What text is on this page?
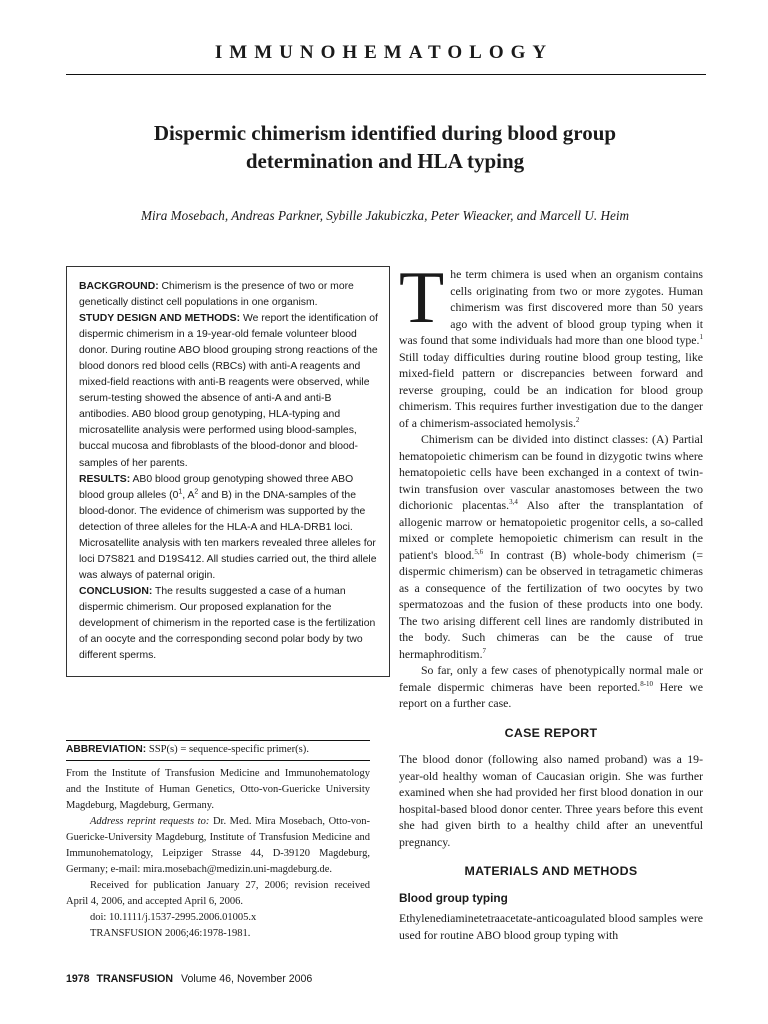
IMMUNOHEMATOLOGY
Dispermic chimerism identified during blood group
determination and HLA typing
Mira Mosebach, Andreas Parkner, Sybille Jakubiczka, Peter Wieacker, and Marcell U. Heim

BACKGROUND: Chimerism is the presence of two or more genetically distinct cell populations in one organism.

STUDY DESIGN AND METHODS: We report the identification of dispermic chimerism in a 19-year-old female volunteer blood donor. During routine ABO blood grouping strong reactions of the blood donors red blood cells (RBCs) with anti-A reagents and mixed-field reactions with anti-B reagents were observed, while serum-testing showed the absence of anti-A and anti-B antibodies. AB0 blood group genotyping, HLA-typing and microsatellite analysis were performed using blood-samples, buccal mucosa and fibroblasts of the blood-donor and blood-samples of her parents.

RESULTS: AB0 blood group genotyping showed three ABO blood group alleles ($0^1$, $A^2$ and B) in the DNA-samples of the blood-donor. The evidence of chimerism was supported by the detection of three alleles for the HLA-A and HLA-DRB1 loci. Microsatellite analysis with ten markers revealed three alleles for loci D7S821 and D19S412. All studies carried out, the third allele was always of paternal origin.

CONCLUSION: The results suggested a case of a human dispermic chimerism. Our proposed explanation for the development of chimerism in the reported case is the fertilization of an oocyte and the corresponding second polar body by two different sperms.

ABBREVIATION: SSP(s) = sequence-specific primer(s).

From the Institute of Transfusion Medicine and Immunohematology and the Institute of Human Genetics, Otto-von-Guericke University Magdeburg, Magdeburg, Germany.

Address reprint requests to: Dr. Med. Mira Mosebach, Otto-von-Guericke-University Magdeburg, Institute of Transfusion Medicine and Immunohematology, Leipziger Strasse 44, D-39120 Magdeburg, Germany; e-mail: mira.mosebach@medizin.uni-magdeburg.de.

Received for publication January 27, 2006; revision received April 4, 2006, and accepted April 6, 2006.

doi: 10.1111/j.1537-2995.2006.01005.x

TRANSFUSION 2006;46:1978-1981.

The term chimera is used when an organism contains cells originating from two or more zygotes. Human chimerism was first discovered more than 50 years ago with the advent of blood group typing when it was found that some individuals had more than one blood type.$^1$ Still today difficulties during routine blood group testing, like mixed-field pattern or discrepancies between forward and reverse grouping, could be an indication for blood group chimerism. This requires further investigation due to the danger of a chimerism-associated hemolysis.$^2$

Chimerism can be divided into distinct classes: (A) Partial hematopoietic chimerism can be found in dizygotic twins where hematopoietic cells have been exchanged in a context of twin-twin transfusion over vascular anastomoses between the two dichorionic placentas.$^{3,4}$ Also after the transplantation of allogenic marrow or hematopoietic progenitor cells, a so-called mixed or complete hemopoietic chimerism can result in the patient's blood.$^{5,6}$ In contrast (B) whole-body chimerism (= dispermic chimerism) can be observed in tetragametic chimeras as a consequence of the fertilization of two oocytes by two spermatozoas and the fusion of these products into one body. The two arising different cell lines are randomly distributed in the body. Such chimeras can be the cause of true hermaphroditism.$^7$

So far, only a few cases of phenotypically normal male or female dispermic chimeras have been reported.$^{8-10}$ Here we report on a further case.

CASE REPORT

The blood donor (following also named proband) was a 19-year-old healthy woman of Caucasian origin. She was further examined when she had provided her first blood donation in our hospital-based blood donor center. Three years before this event she had given birth to a healthy child after an uneventful pregnancy.

MATERIALS AND METHODS
Blood group typing

Ethylenediaminetetraacetate-anticoagulated blood samples were used for routine ABO blood group typing with

1978 TRANSFUSION Volume 46, November 2006
